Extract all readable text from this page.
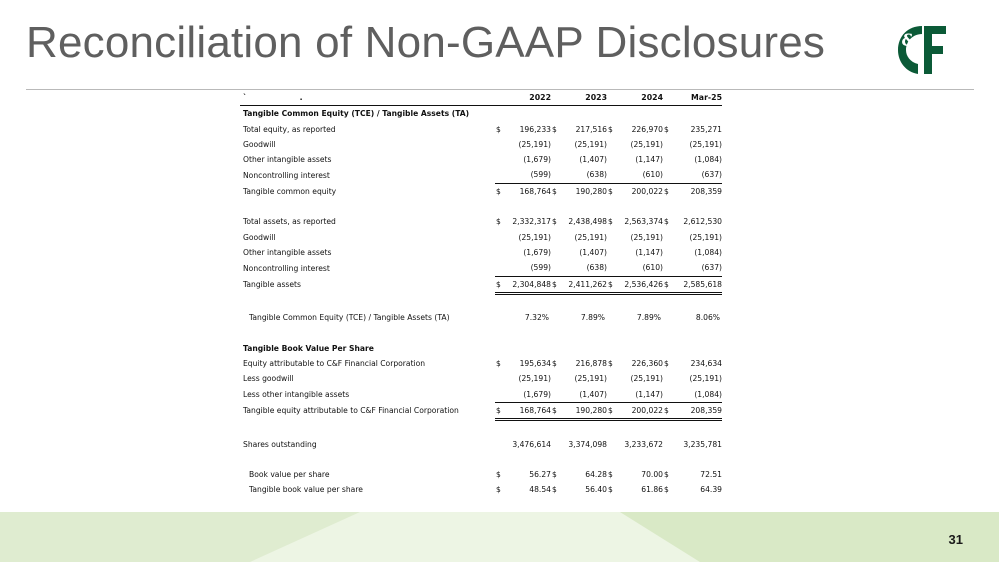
Reconciliation of Non-GAAP Disclosures	&
` .		2022		2023		2024		Mar-25
Tangible Common Equity (TCE) / Tangible Assets (TA)								
Total equity, as reported	$	196,233	$	217,516	$	226,970	$	235,271
Goodwill		(25,191)		(25,191)		(25,191)		(25,191)
Other intangible assets		(1,679)		(1,407)		(1,147)		(1,084)
Noncontrolling interest		(599)		(638)		(610)		(637)
Tangible common equity	$	168,764	$	190,280	$	200,022	$	208,359

Total assets, as reported	$	2,332,317	$	2,438,498	$	2,563,374	$	2,612,530
Goodwill		(25,191)		(25,191)		(25,191)		(25,191)
Other intangible assets		(1,679)		(1,407)		(1,147)		(1,084)
Noncontrolling interest		(599)		(638)		(610)		(637)
Tangible assets	$	2,304,848	$	2,411,262	$	2,536,426	$	2,585,618

Tangible Common Equity (TCE) / Tangible Assets (TA)		7.32%		7.89%		7.89%		8.06%

Tangible Book Value Per Share								
Equity attributable to C&F Financial Corporation	$	195,634	$	216,878	$	226,360	$	234,634
Less goodwill		(25,191)		(25,191)		(25,191)		(25,191)
Less other intangible assets		(1,679)		(1,407)		(1,147)		(1,084)
Tangible equity attributable to C&F Financial Corporation	$	168,764	$	190,280	$	200,022	$	208,359

Shares outstanding		3,476,614		3,374,098		3,233,672		3,235,781

Book value per share	$	56.27	$	64.28	$	70.00	$	72.51
Tangible book value per share	$	48.54	$	56.40	$	61.86	$	64.39
31
